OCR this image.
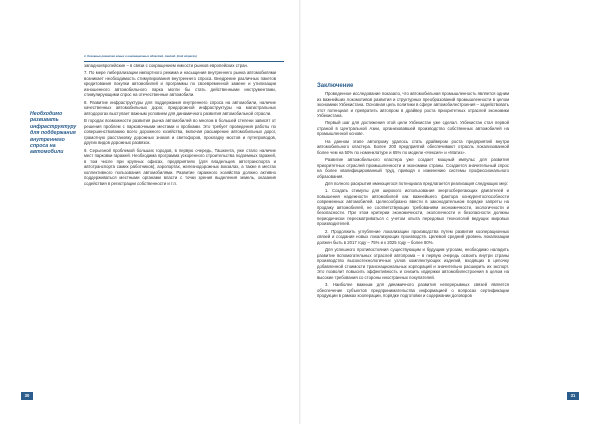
4. Основные развития новых и инновационных областей, сметаб. (той отрасли)
Необходимо развивать инфраструктуру для поддержания внутреннего спроса на автомобили

западноевропейские – в связи с сокращением емкости рынков европейских стран.

7. По мере либерализации импортного режима и насыщения внутреннего рынка автомобилями возникает необходимость стимулирования внутреннего спроса. Внедрение различных пакетов кредитования покупки автомобилей и программы по своевременной замене и утилизации изношенного автомобильного парка могли бы стать действенными инструментами, стимулирующими спрос на отечественные автомобили.

8. Развитие инфраструктуры для поддержания внутреннего спроса на автомобили, наличие качественных автомобильных дорог, придорожной инфраструктуры на магистральных автодорогах выступает важным условием для динамичного развития автомобильной отрасли.

В городах возможности развития рынка автомобилей во многом в большей степени зависят от решения проблем с парковочными местами и пробками. Это требует проведения работы по совершенствованию всего дорожного хозяйства, включая расширение автомобильных дорог, грамотную расстановку дорожных знаков и светофоров, прокладку мостов и путепроводов, других видов дорожных развязок.

9. Серьезной проблемой больших городов, в первую очередь, Ташкента, уже стало наличие мест парковки гаражей. Необходима программа ускоренного строительства подземных гаражей, в том числе при крупных офисах, предприятиях (для владельцев автотранспорта и автотранспорта самих работников), аэропортах, железнодорожных вокзалах, а также в местах коллективного пользования автомобилями. Развитие гаражного хозяйства должно активно поддерживаться местными органами власти с точки зрения выделения земель, оказания содействия в регистрации собственности и т.п.

30
Заключение

Проведенное исследование показало, что автомобильная промышленность является одним из важнейших локомотивов развития и структурных преобразований промышленности в целом экономики Узбекистана. Основная цель политики в сфере автомобилестроения – задействовать этот потенциал и превратить автопром в драйвер роста приоритетных отраслей экономики Узбекистана.

Первый шаг для достижения этой цели Узбекистан уже сделал. Узбекистан стал первой страной в Центральной Азии, организовавшей производство собственных автомобилей на промышленной основе.

На данном этапе автопрому удалось стать драйвером роста предприятий внутри автомобильного кластера. Более 200 предприятий обеспечивают отрасль локализованной более чем на 50% по номенклатуре и 65% по модели «Нексия» и «Матиз».

Развитие автомобильного кластера уже создает мощный импульс для развития приоритетных отраслей промышленности и экономики страны. Создается значительный спрос на более квалифицированный труд, приводя к изменению системы профессионального образования.

Для полного раскрытия имеющегося потенциала предлагается реализация следующих мер:

1. Создать стимулы для широкого использования энергосберегающих двигателей и повышения надежности автомобилей как важнейшего фактора конкурентоспособности современных автомобилей. Целесообразно ввести в законодательном порядке запреты на продажу автомобилей, не соответствующих требованиям экономичности, экологичности и безопасности. При этом критерии экономичности, экологичности и безопасности должны периодически пересматриваться с учетом опыта передовых технологий ведущих мировых производителей.

2. Продолжить углубление локализации производства путем развития кооперационных связей и создания новых локализующих производств. Целевой средний уровень локализации должен быть в 2017 году – 75% и к 2025 году – более 80%.

Для успешного противостояния существующим и будущим угрозам, необходимо наладить развитие вспомогательных отраслей автопрома – в первую очередь освоить внутри страны производство высокотехнологичных узлов комплектующих изделий, входящих в цепочку добавленной стоимости транснациональных корпораций и значительно расширить их экспорт. Это позволит повысить эффективность и снизить издержки автомобилестроения в целом на высокие требования со стороны иностранных покупателей.

3. Наиболее важным для динамичного развития неперерывных связей является обеспечение субъектов предпринимательства информацией о вопросах сертификации продукции в рамках кооперации, порядке подготовки и содержании договоров

31
